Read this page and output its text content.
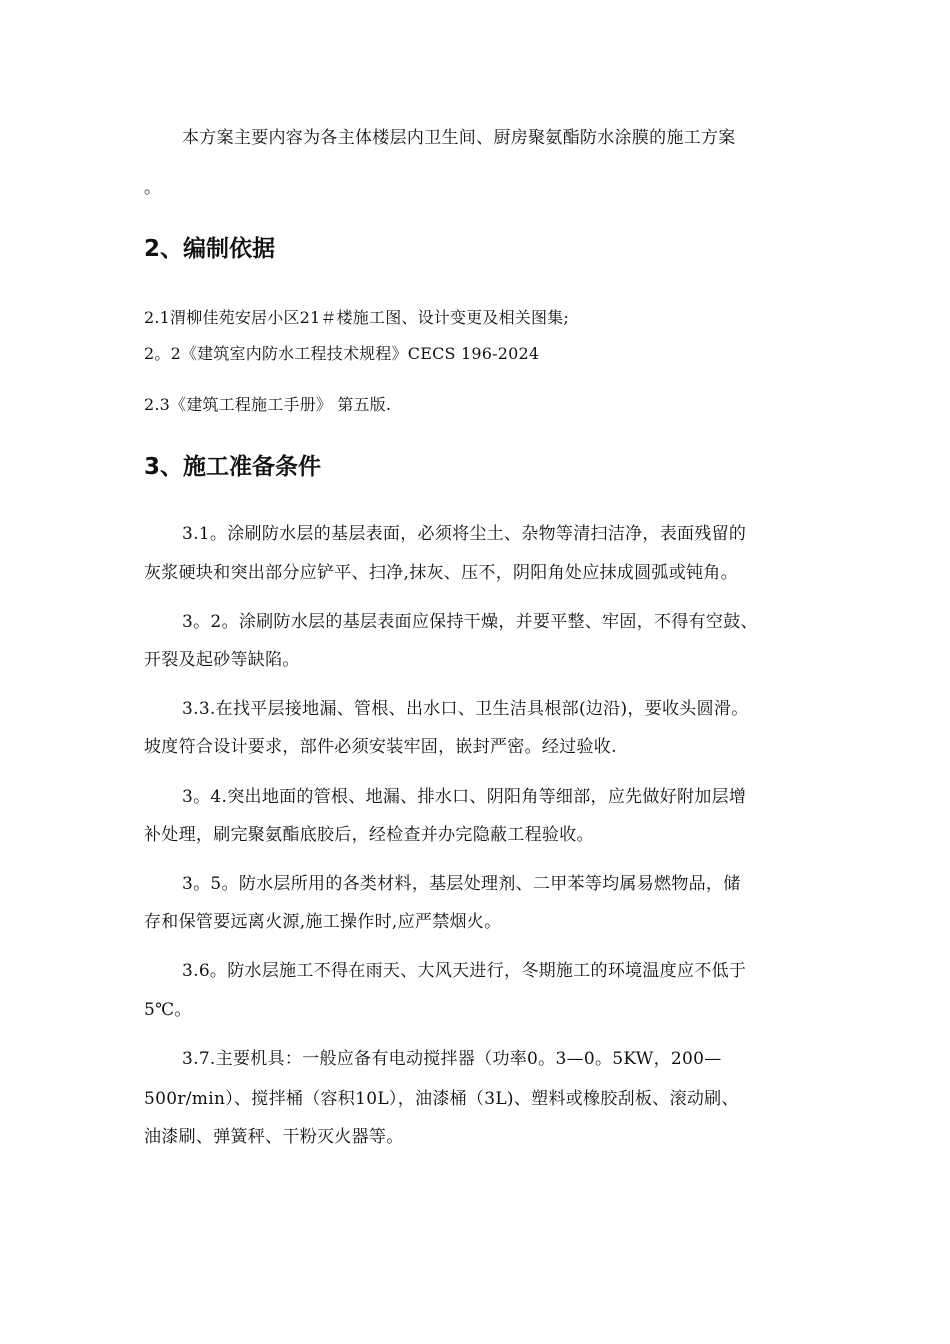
本方案主要内容为各主体楼层内卫生间、厨房聚氨酯防水涂膜的施工方案
。
2、编制依据
2.1渭柳佳苑安居小区21＃楼施工图、设计变更及相关图集;
2。2《建筑室内防水工程技术规程》CECS 196-2024
2.3《建筑工程施工手册》 第五版.
3、施工准备条件
3.1。涂刷防水层的基层表面，必须将尘土、杂物等清扫洁净，表面残留的
灰浆硬块和突出部分应铲平、扫净,抹灰、压不，阴阳角处应抹成圆弧或钝角。
3。2。涂刷防水层的基层表面应保持干燥，并要平整、牢固，不得有空鼓、
开裂及起砂等缺陷。
3.3.在找平层接地漏、管根、出水口、卫生洁具根部(边沿)，要收头圆滑。
坡度符合设计要求，部件必须安装牢固，嵌封严密。经过验收.
3。4.突出地面的管根、地漏、排水口、阴阳角等细部，应先做好附加层增
补处理，刷完聚氨酯底胶后，经检查并办完隐蔽工程验收。
3。5。防水层所用的各类材料，基层处理剂、二甲苯等均属易燃物品，储
存和保管要远离火源,施工操作时,应严禁烟火。
3.6。防水层施工不得在雨天、大风天进行，冬期施工的环境温度应不低于
5℃。
3.7.主要机具：一般应备有电动搅拌器（功率0。3—0。5KW，200—
500r/min）、搅拌桶（容积10L），油漆桶（3L)、塑料或橡胶刮板、滚动刷、
油漆刷、弹簧秤、干粉灭火器等。
